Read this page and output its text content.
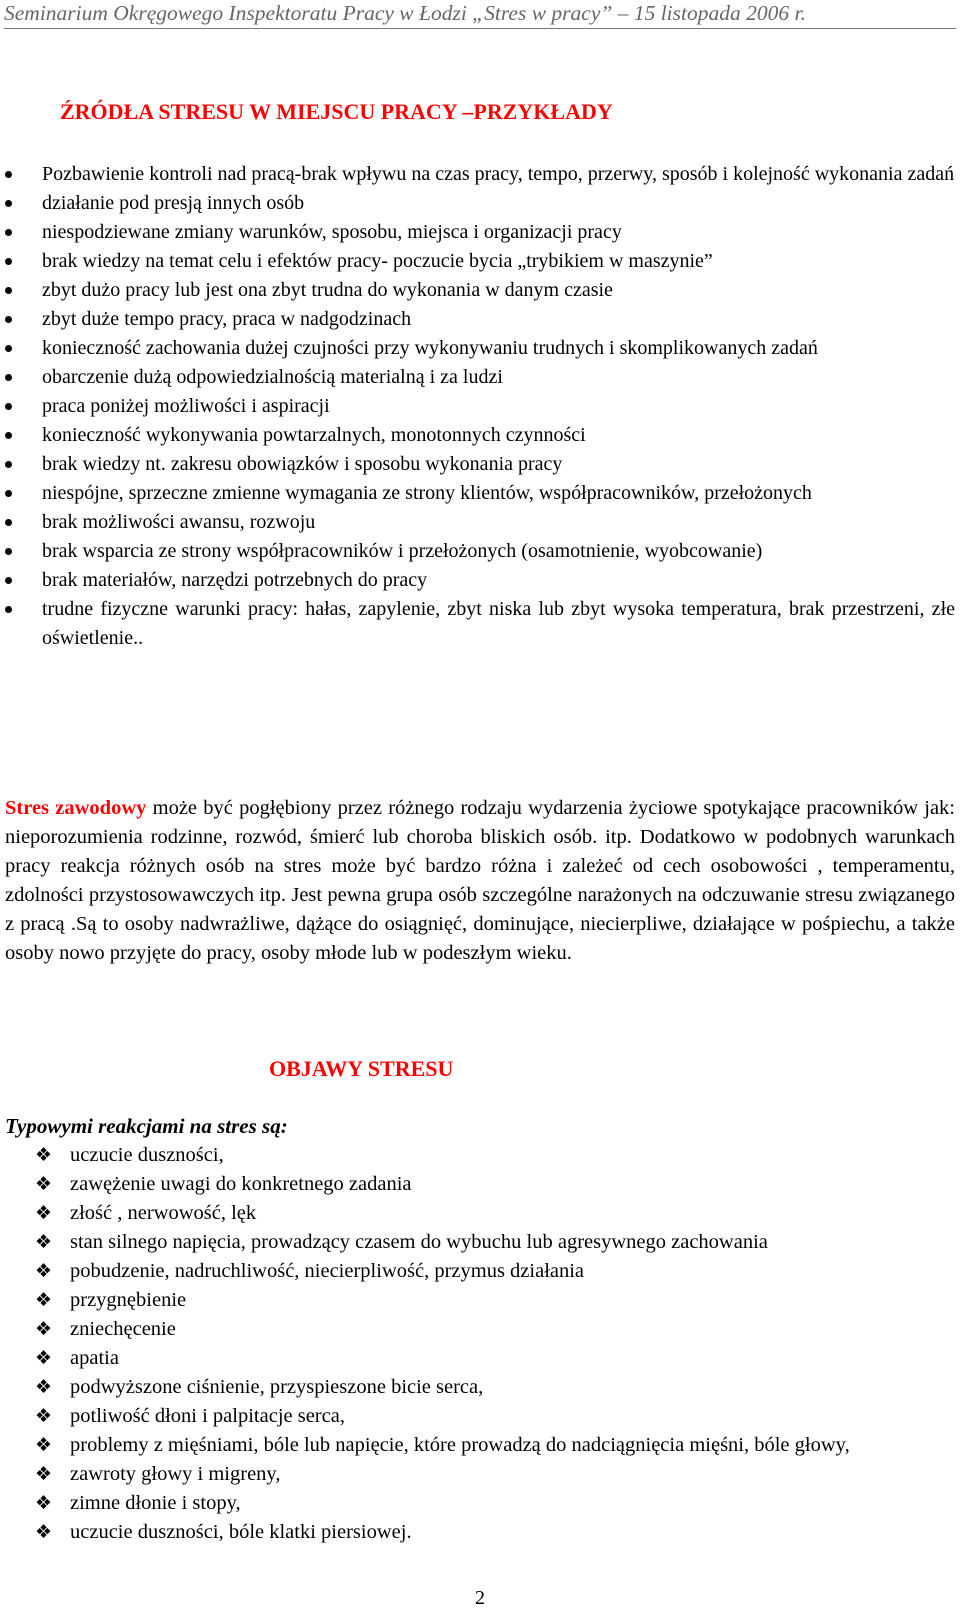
Seminarium Okręgowego Inspektoratu Pracy w Łodzi „Stres w pracy” – 15 listopada 2006 r.
ŹRÓDŁA STRESU W MIEJSCU PRACY –PRZYKŁADY
Pozbawienie kontroli nad pracą-brak wpływu na czas pracy, tempo, przerwy, sposób i kolejność wykonania zadań
działanie pod presją innych osób
niespodziewane zmiany warunków, sposobu, miejsca i organizacji pracy
brak wiedzy na temat celu i efektów pracy- poczucie bycia „trybikiem w maszynie”
zbyt dużo pracy lub jest ona zbyt trudna do wykonania w danym czasie
zbyt duże tempo pracy, praca w nadgodzinach
konieczność zachowania dużej czujności przy wykonywaniu trudnych i skomplikowanych zadań
obarczenie dużą odpowiedzialnością materialną i za ludzi
praca poniżej możliwości i aspiracji
konieczność wykonywania powtarzalnych, monotonnych czynności
brak wiedzy nt. zakresu obowiązków i sposobu wykonania pracy
niespójne, sprzeczne zmienne wymagania ze strony klientów, współpracowników, przełożonych
brak możliwości awansu, rozwoju
brak wsparcia ze strony współpracowników i przełożonych (osamotnienie, wyobcowanie)
brak materiałów, narzędzi potrzebnych do pracy
trudne fizyczne warunki pracy: hałas, zapylenie, zbyt niska lub zbyt wysoka temperatura, brak przestrzeni, złe oświetlenie..
Stres zawodowy może być pogłębiony przez różnego rodzaju wydarzenia życiowe spotykające pracowników jak: nieporozumienia rodzinne, rozwód, śmierć lub choroba bliskich osób. itp. Dodatkowo w podobnych warunkach pracy reakcja różnych osób na stres może być bardzo różna i zależeć od cech osobowości , temperamentu, zdolności przystosowawczych itp. Jest pewna grupa osób szczególne narażonych na odczuwanie stresu związanego z pracą .Są to osoby nadwrażliwe, dążące do osiągnięć, dominujące, niecierpliwe, działające w pośpiechu, a także osoby nowo przyjęte do pracy, osoby młode lub w podeszłym wieku.
OBJAWY STRESU
Typowymi reakcjami na stres są:
❖ uczucie duszności,
❖ zawężenie uwagi do konkretnego zadania
❖ złość , nerwowość, lęk
❖ stan silnego napięcia, prowadzący czasem do wybuchu lub agresywnego zachowania
❖ pobudzenie, nadruchliwość, niecierpliwość, przymus działania
❖ przygnębienie
❖ zniechęcenie
❖ apatia
❖ podwyższone ciśnienie, przyspieszone bicie serca,
❖ potliwość dłoni i palpitacje serca,
❖ problemy z mięśniami, bóle lub napięcie, które prowadzą do nadciągnięcia mięśni, bóle głowy,
❖ zawroty głowy i migreny,
❖ zimne dłonie i stopy,
❖ uczucie duszności, bóle klatki piersiowej.
2
